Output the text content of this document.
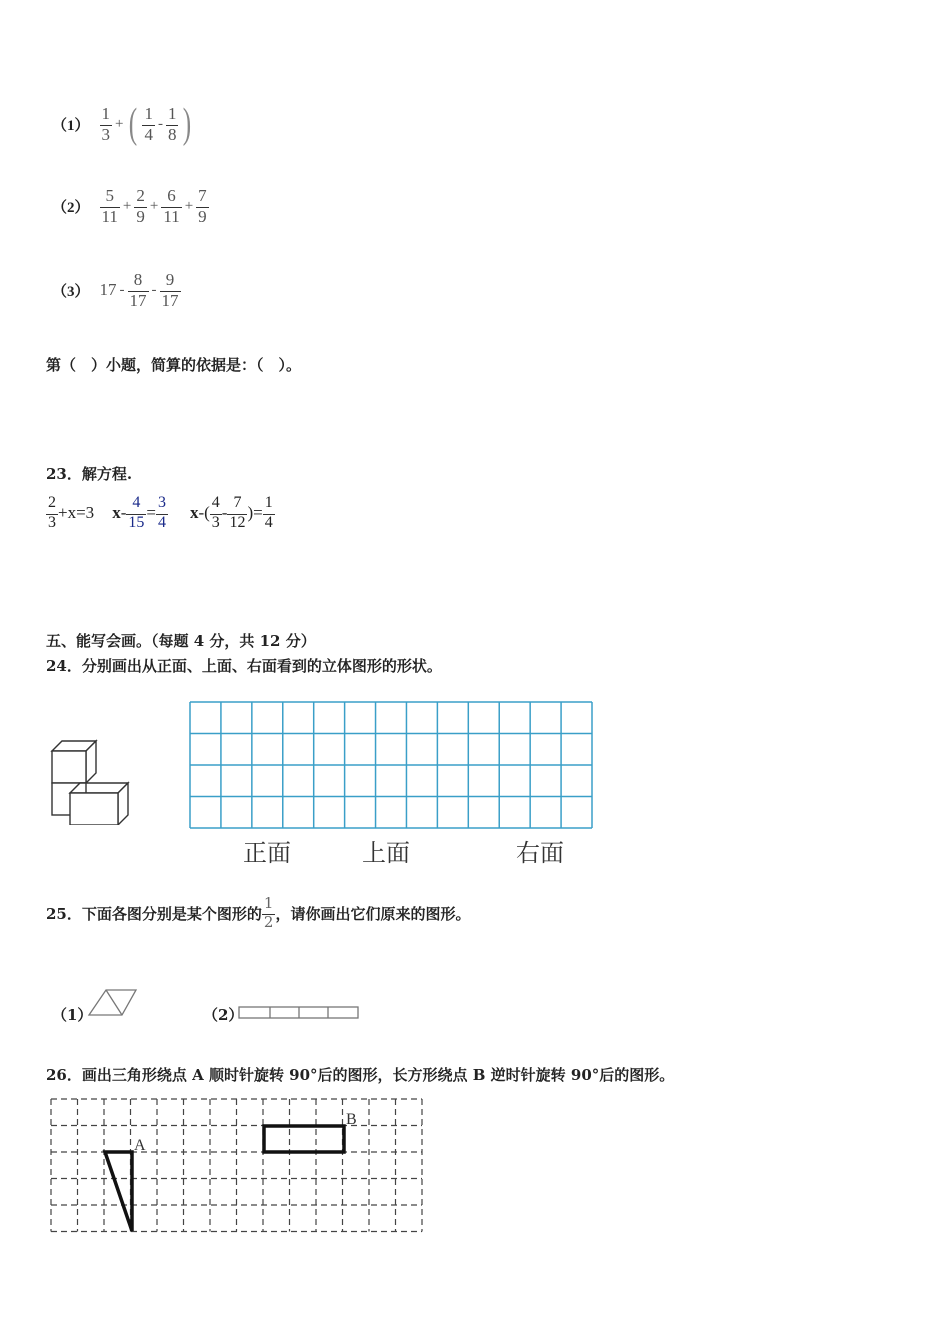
$(1) \frac{1}{3}$ + ( $\frac{1}{4} - \frac{1}{8}$ )
$(2) \frac{5}{11} + \frac{2}{9} + \frac{6}{11} + \frac{7}{9}$
（3） $17 - \frac{8}{17} - \frac{9}{17}$
第（　）小题，简算的依据是：（　）。
23．解方程.
$\frac{2}{3} +x=3$ $x - \frac{4}{15} = \frac{3}{4}$ x -( $\frac{4}{3} - \frac{7}{12}$ )= $\frac{1}{4}$
五、能写会画。（每题 4 分，共 12 分）
24．分别画出从正面、上面、右面看到的立体图形的形状。
正面	上面	右面
25．下面各图分别是某个图形的 $\frac{1}{2}$ ，请你画出它们原来的图形。
（1）	（2）
26．画出三角形绕点 A 顺时针旋转 90°后的图形，长方形绕点 B 逆时针旋转 90°后的图形。
A
B
